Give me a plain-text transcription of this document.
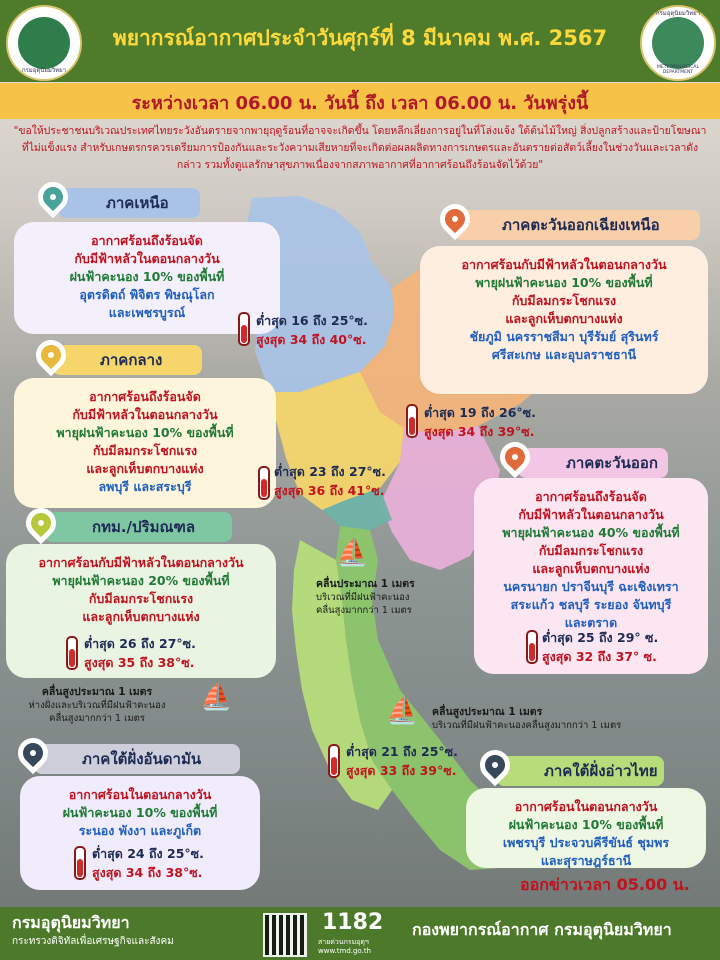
กรมอุตุนิยมวิทยา
กรมอุตุนิยมวิทยา
METEOROLOGICAL DEPARTMENT
พยากรณ์อากาศประจำวันศุกร์ที่ 8 มีนาคม พ.ศ. 2567
ระหว่างเวลา 06.00 น. วันนี้ ถึง เวลา 06.00 น. วันพรุ่งนี้
"ขอให้ประชาชนบริเวณประเทศไทยระวังอันตรายจากพายุฤดูร้อนที่อาจจะเกิดขึ้น โดยหลีกเลี่ยงการอยู่ในที่โล่งแจ้ง ใต้ต้นไม้ใหญ่ สิ่งปลูกสร้างและป้ายโฆษณาที่ไม่แข็งแรง สำหรับเกษตรกรควรเตรียมการป้องกันและระวังความเสียหายที่จะเกิดต่อผลผลิตทางการเกษตรและอันตรายต่อสัตว์เลี้ยงในช่วงวันและเวลาดังกล่าว รวมทั้งดูแลรักษาสุขภาพเนื่องจากสภาพอากาศที่อากาศร้อนถึงร้อนจัดไว้ด้วย"
ภาคเหนือ
อากาศร้อนถึงร้อนจัด
กับมีฟ้าหลัวในตอนกลางวัน
ฝนฟ้าคะนอง 10% ของพื้นที่
อุตรดิตถ์ พิจิตร พิษณุโลก
และเพชรบูรณ์
ต่ำสุด 16 ถึง 25°ซ.
สูงสุด 34 ถึง 40°ซ.
ภาคตะวันออกเฉียงเหนือ
อากาศร้อนกับมีฟ้าหลัวในตอนกลางวัน
พายุฝนฟ้าคะนอง 10% ของพื้นที่
กับมีลมกระโชกแรง
และลูกเห็บตกบางแห่ง
ชัยภูมิ นครราชสีมา บุรีรัมย์ สุรินทร์
ศรีสะเกษ และอุบลราชธานี
ต่ำสุด 19 ถึง 26°ซ.
สูงสุด 34 ถึง 39°ซ.
ภาคกลาง
อากาศร้อนถึงร้อนจัด
กับมีฟ้าหลัวในตอนกลางวัน
พายุฝนฟ้าคะนอง 10% ของพื้นที่
กับมีลมกระโชกแรง
และลูกเห็บตกบางแห่ง
ลพบุรี และสระบุรี
ต่ำสุด 23 ถึง 27°ซ.
สูงสุด 36 ถึง 41°ซ.
ภาคตะวันออก
อากาศร้อนถึงร้อนจัด
กับมีฟ้าหลัวในตอนกลางวัน
พายุฝนฟ้าคะนอง 40% ของพื้นที่
กับมีลมกระโชกแรง
และลูกเห็บตกบางแห่ง
นครนายก ปราจีนบุรี ฉะเชิงเทรา
สระแก้ว ชลบุรี ระยอง จันทบุรี
และตราด
ต่ำสุด 25 ถึง 29° ซ.
สูงสุด 32 ถึง 37° ซ.
กทม./ปริมณฑล
อากาศร้อนกับมีฟ้าหลัวในตอนกลางวัน
พายุฝนฟ้าคะนอง 20% ของพื้นที่
กับมีลมกระโชกแรง
และลูกเห็บตกบางแห่ง
ต่ำสุด 26 ถึง 27°ซ.
สูงสุด 35 ถึง 38°ซ.
⛵
คลื่นประมาณ 1 เมตร
บริเวณที่มีฝนฟ้าคะนอง
คลื่นสูงมากกว่า 1 เมตร
⛵
คลื่นสูงประมาณ 1 เมตร
ห่างฝั่งและบริเวณที่มีฝนฟ้าคะนอง
คลื่นสูงมากกว่า 1 เมตร	⛵ คลื่นสูงประมาณ 1 เมตร
บริเวณที่มีฝนฟ้าคะนองคลื่นสูงมากกว่า 1 เมตร
ต่ำสุด 21 ถึง 25°ซ.
สูงสุด 33 ถึง 39°ซ.
ภาคใต้ฝั่งอันดามัน
อากาศร้อนในตอนกลางวัน
ฝนฟ้าคะนอง 10% ของพื้นที่
ระนอง พังงา และภูเก็ต
ต่ำสุด 24 ถึง 25°ซ.
สูงสุด 34 ถึง 38°ซ.
ภาคใต้ฝั่งอ่าวไทย
อากาศร้อนในตอนกลางวัน
ฝนฟ้าคะนอง 10% ของพื้นที่
เพชรบุรี ประจวบคีรีขันธ์ ชุมพร
และสุราษฎร์ธานี
ออกข่าวเวลา 05.00 น.
กรมอุตุนิยมวิทยา
กระทรวงดิจิทัลเพื่อเศรษฐกิจและสังคม
1182
สายด่วนกรมอุตุฯ
www.tmd.go.th
กองพยากรณ์อากาศ กรมอุตุนิยมวิทยา
